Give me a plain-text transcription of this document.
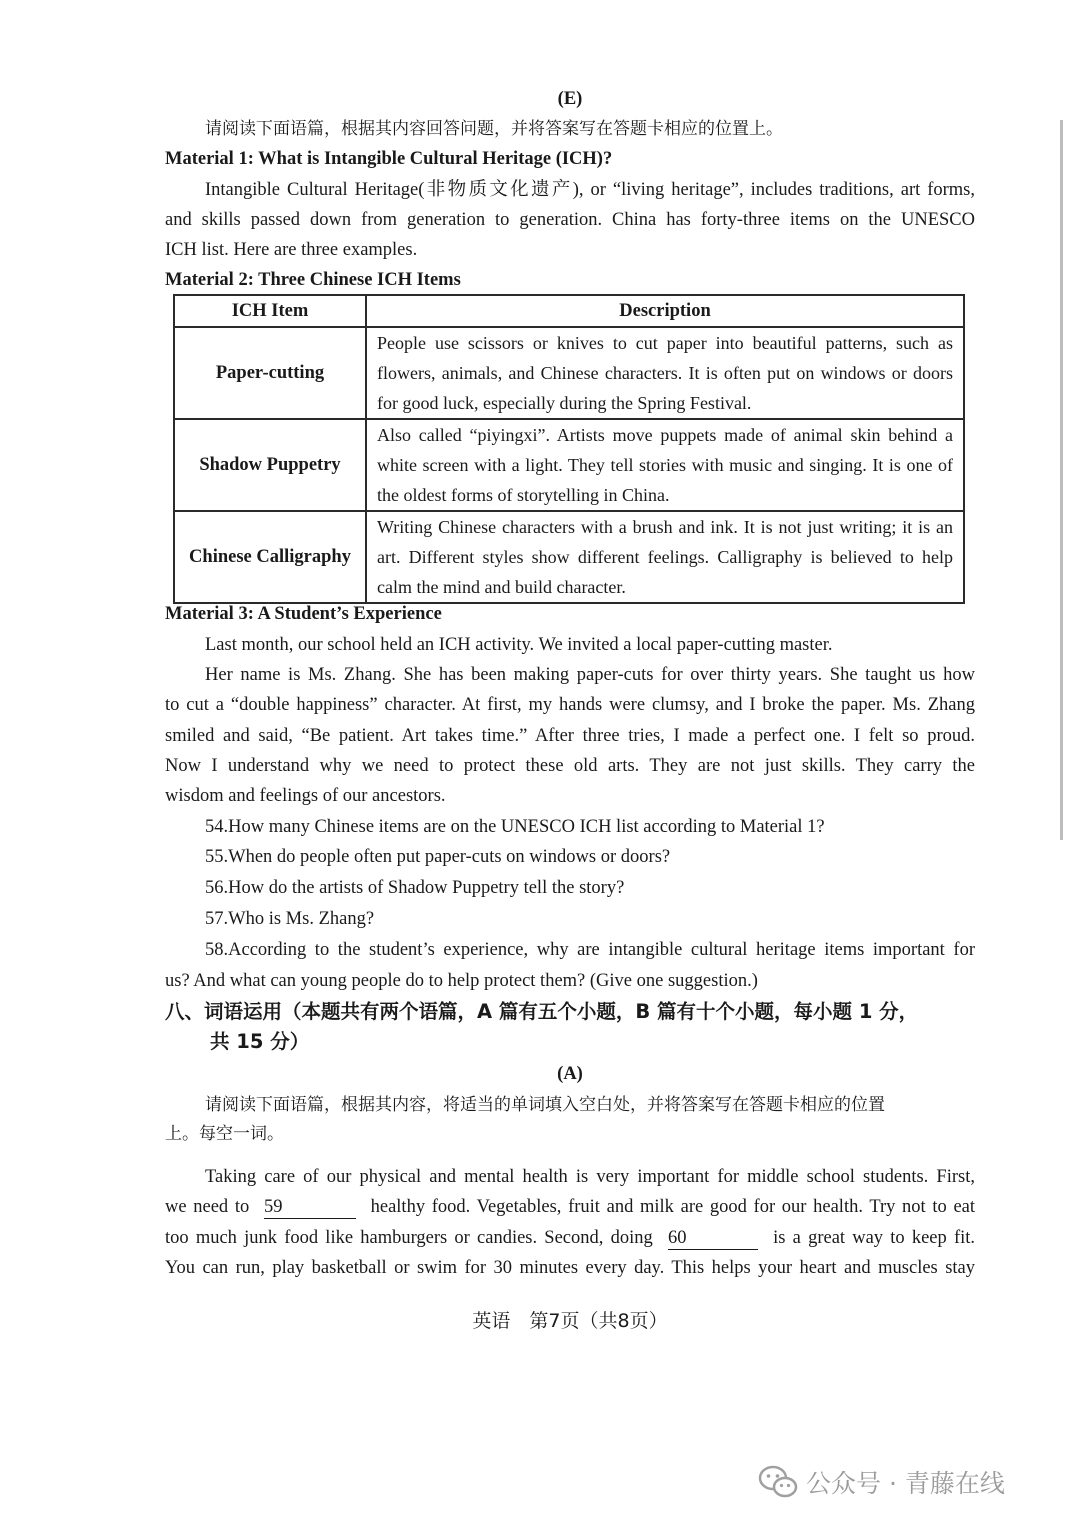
(E)
请阅读下面语篇，根据其内容回答问题，并将答案写在答题卡相应的位置上。
Material 1: What is Intangible Cultural Heritage (ICH)?
Intangible Cultural Heritage(非物质文化遗产), or “living heritage”, includes traditions, art forms,
and skills passed down from generation to generation. China has forty-three items on the UNESCO
ICH list. Here are three examples.
Material 2: Three Chinese ICH Items
ICH Item	Description
Paper-cutting	People use scissors or knives to cut paper into beautiful patterns, such as flowers, animals, and Chinese characters. It is often put on windows or doors for good luck, especially during the Spring Festival.
Shadow Puppetry	Also called “piyingxi”. Artists move puppets made of animal skin behind a white screen with a light. They tell stories with music and singing. It is one of the oldest forms of storytelling in China.
Chinese Calligraphy	Writing Chinese characters with a brush and ink. It is not just writing; it is an art. Different styles show different feelings. Calligraphy is believed to help calm the mind and build character.
Material 3: A Student’s Experience
Last month, our school held an ICH activity. We invited a local paper-cutting master.
Her name is Ms. Zhang. She has been making paper-cuts for over thirty years. She taught us how
to cut a “double happiness” character. At first, my hands were clumsy, and I broke the paper. Ms. Zhang
smiled and said, “Be patient. Art takes time.” After three tries, I made a perfect one. I felt so proud.
Now I understand why we need to protect these old arts. They are not just skills. They carry the
wisdom and feelings of our ancestors.
54.How many Chinese items are on the UNESCO ICH list according to Material 1?
55.When do people often put paper-cuts on windows or doors?
56.How do the artists of Shadow Puppetry tell the story?
57.Who is Ms. Zhang?
58.According to the student’s experience, why are intangible cultural heritage items important for
us? And what can young people do to help protect them? (Give one suggestion.)
八、词语运用（本题共有两个语篇，A 篇有五个小题，B 篇有十个小题，每小题 1 分，
共 15 分）
(A)
请阅读下面语篇，根据其内容，将适当的单词填入空白处，并将答案写在答题卡相应的位置
上。每空一词。
Taking care of our physical and mental health is very important for middle school students. First,
we need to 59	healthy food. Vegetables, fruit and milk are good for our health. Try not to eat
too much junk food like hamburgers or candies. Second, doing 60	is a great way to keep fit.
You can run, play basketball or swim for 30 minutes every day. This helps your heart and muscles stay
英语　第7页（共8页）
公众号 · 青藤在线
